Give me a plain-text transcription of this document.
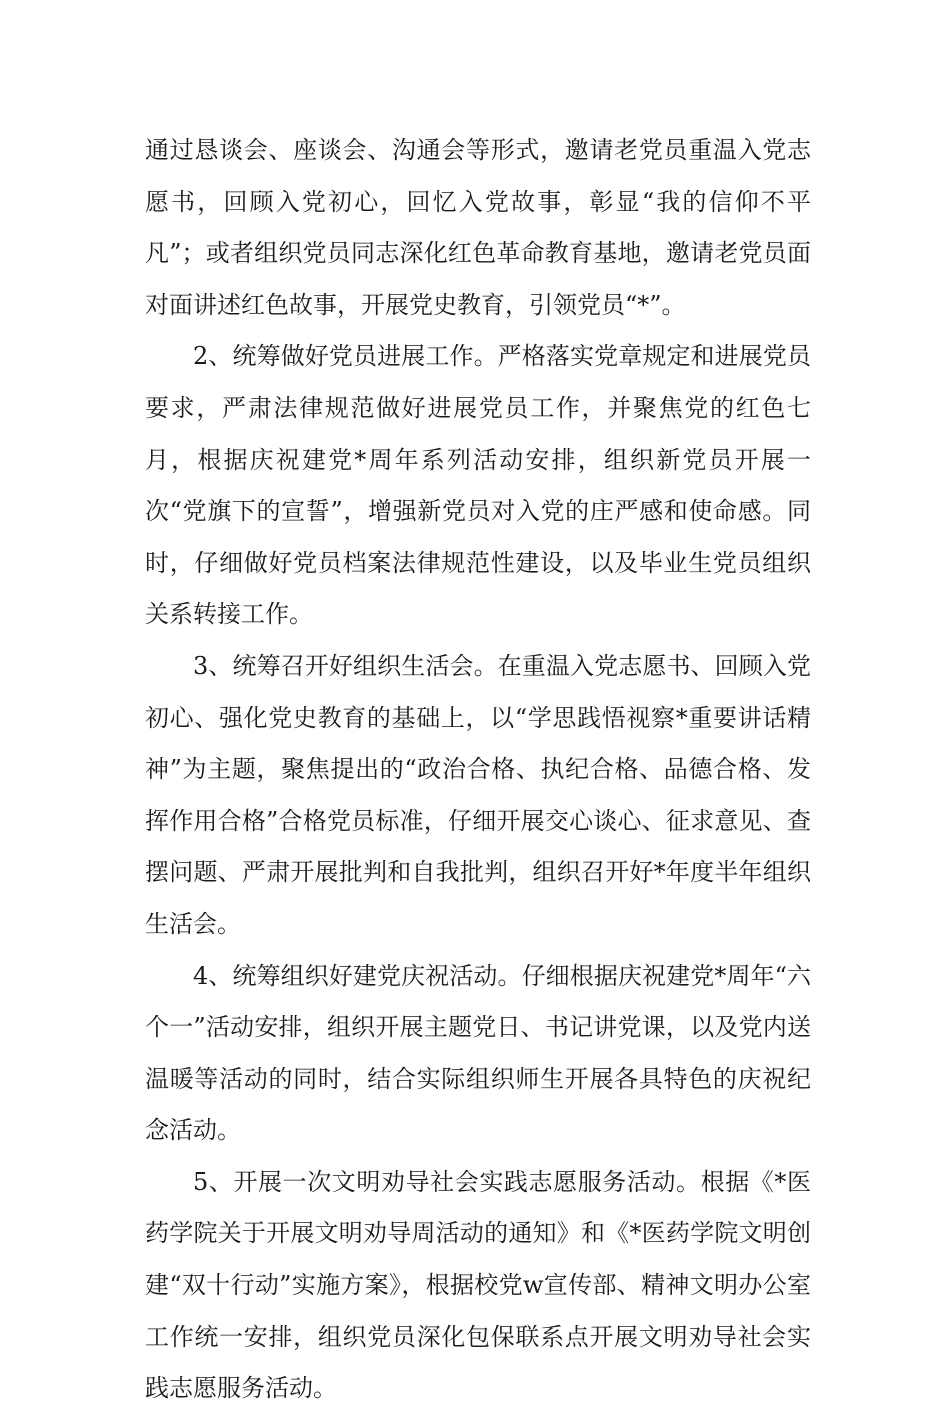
通过恳谈会、座谈会、沟通会等形式，邀请老党员重温入党志愿书，回顾入党初心，回忆入党故事，彰显“我的信仰不平凡”；或者组织党员同志深化红色革命教育基地，邀请老党员面对面讲述红色故事，开展党史教育，引领党员“*”。

2、统筹做好党员进展工作。严格落实党章规定和进展党员要求，严肃法律规范做好进展党员工作，并聚焦党的红色七月，根据庆祝建党*周年系列活动安排，组织新党员开展一次“党旗下的宣誓”，增强新党员对入党的庄严感和使命感。同时，仔细做好党员档案法律规范性建设，以及毕业生党员组织关系转接工作。

3、统筹召开好组织生活会。在重温入党志愿书、回顾入党初心、强化党史教育的基础上，以“学思践悟视察*重要讲话精神”为主题，聚焦提出的“政治合格、执纪合格、品德合格、发挥作用合格”合格党员标准，仔细开展交心谈心、征求意见、查摆问题、严肃开展批判和自我批判，组织召开好*年度半年组织生活会。

4、统筹组织好建党庆祝活动。仔细根据庆祝建党*周年“六个一”活动安排，组织开展主题党日、书记讲党课，以及党内送温暖等活动的同时，结合实际组织师生开展各具特色的庆祝纪念活动。

5、开展一次文明劝导社会实践志愿服务活动。根据《*医药学院关于开展文明劝导周活动的通知》和《*医药学院文明创建“双十行动”实施方案》，根据校党w宣传部、精神文明办公室工作统一安排，组织党员深化包保联系点开展文明劝导社会实践志愿服务活动。
